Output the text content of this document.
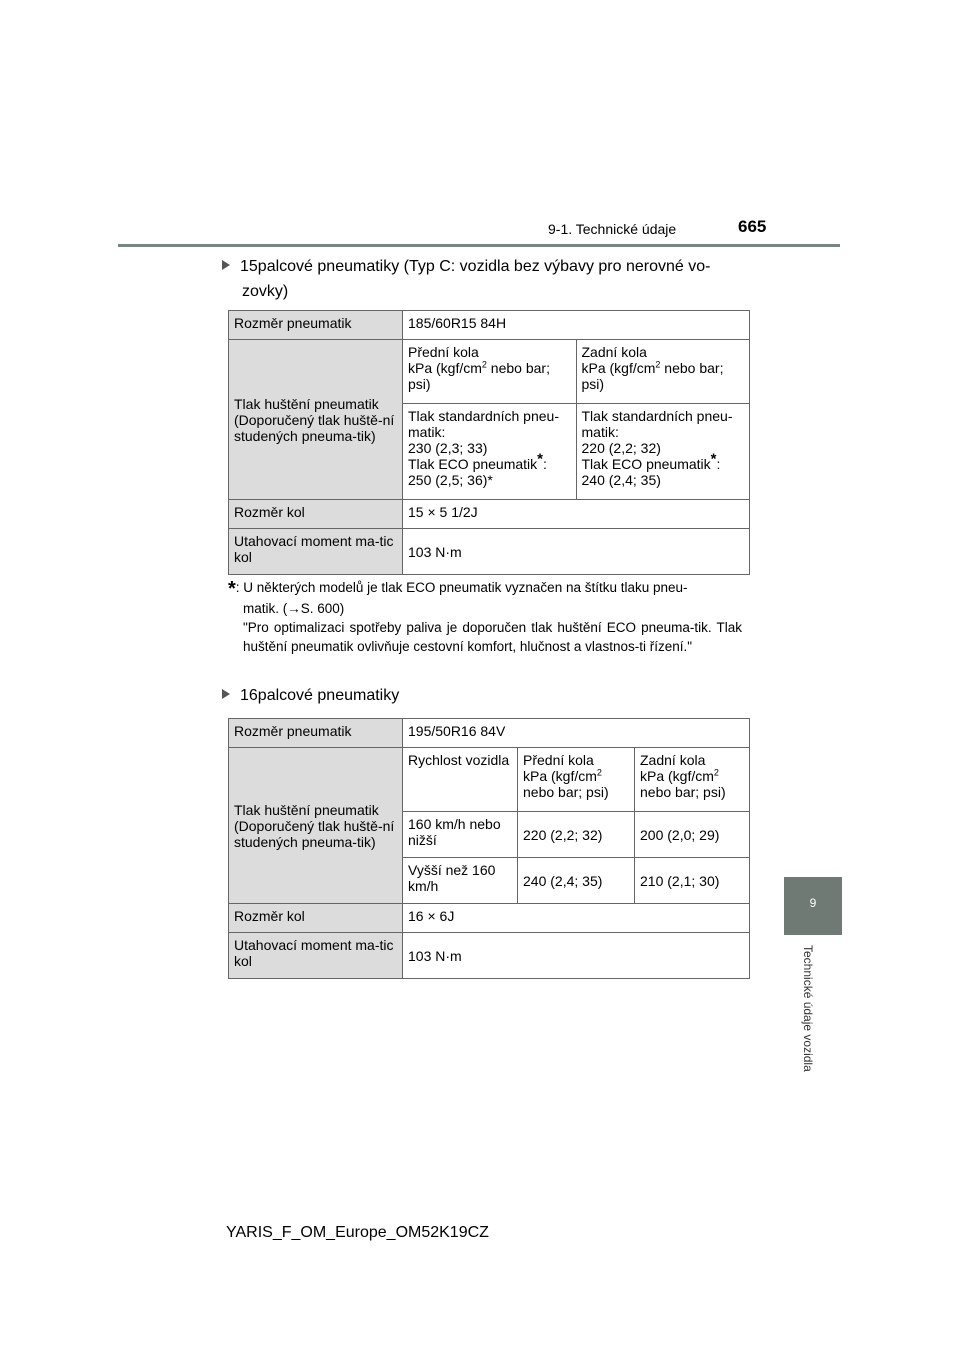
9-1. Technické údaje	665
9
Technické údaje vozidla
15palcové pneumatiky (Typ C: vozidla bez výbavy pro nerovné vo-
zovky)
Rozměr pneumatik	185/60R15 84H	
Tlak huštění pneumatik (Doporučený tlak huště-ní studených pneuma-tik)	Přední kola
kPa ($kgf/cm^2$ nebo bar; psi)	Zadní kola
kPa ($kgf/cm^2$ nebo bar; psi)
	Tlak standardních pneu-matik:
230 (2,3; 33)
Tlak ECO pneumatik*:
250 (2,5; 36)*	Tlak standardních pneu-matik:
220 (2,2; 32)
Tlak ECO pneumatik*:
240 (2,4; 35)
Rozměr kol	15 × 5 1/2J	
Utahovací moment ma-tic kol	103 N·m	
*: U některých modelů je tlak ECO pneumatik vyznačen na štítku tlaku pneu-
matik. (→S. 600)
"Pro optimalizaci spotřeby paliva je doporučen tlak huštění ECO pneuma-tik. Tlak huštění pneumatik ovlivňuje cestovní komfort, hlučnost a vlastnos-ti řízení."
16palcové pneumatiky
Rozměr pneumatik	195/50R16 84V		
Tlak huštění pneumatik (Doporučený tlak huště-ní studených pneuma-tik)	Rychlost vozidla	Přední kola
kPa ($kgf/cm^2$
nebo bar; psi)	Zadní kola
kPa ($kgf/cm^2$
nebo bar; psi)
	160 km/h nebo nižší	220 (2,2; 32)	200 (2,0; 29)
	Vyšší než 160 km/h	240 (2,4; 35)	210 (2,1; 30)
Rozměr kol	16 × 6J		
Utahovací moment ma-tic kol	103 N·m		
YARIS_F_OM_Europe_OM52K19CZ
